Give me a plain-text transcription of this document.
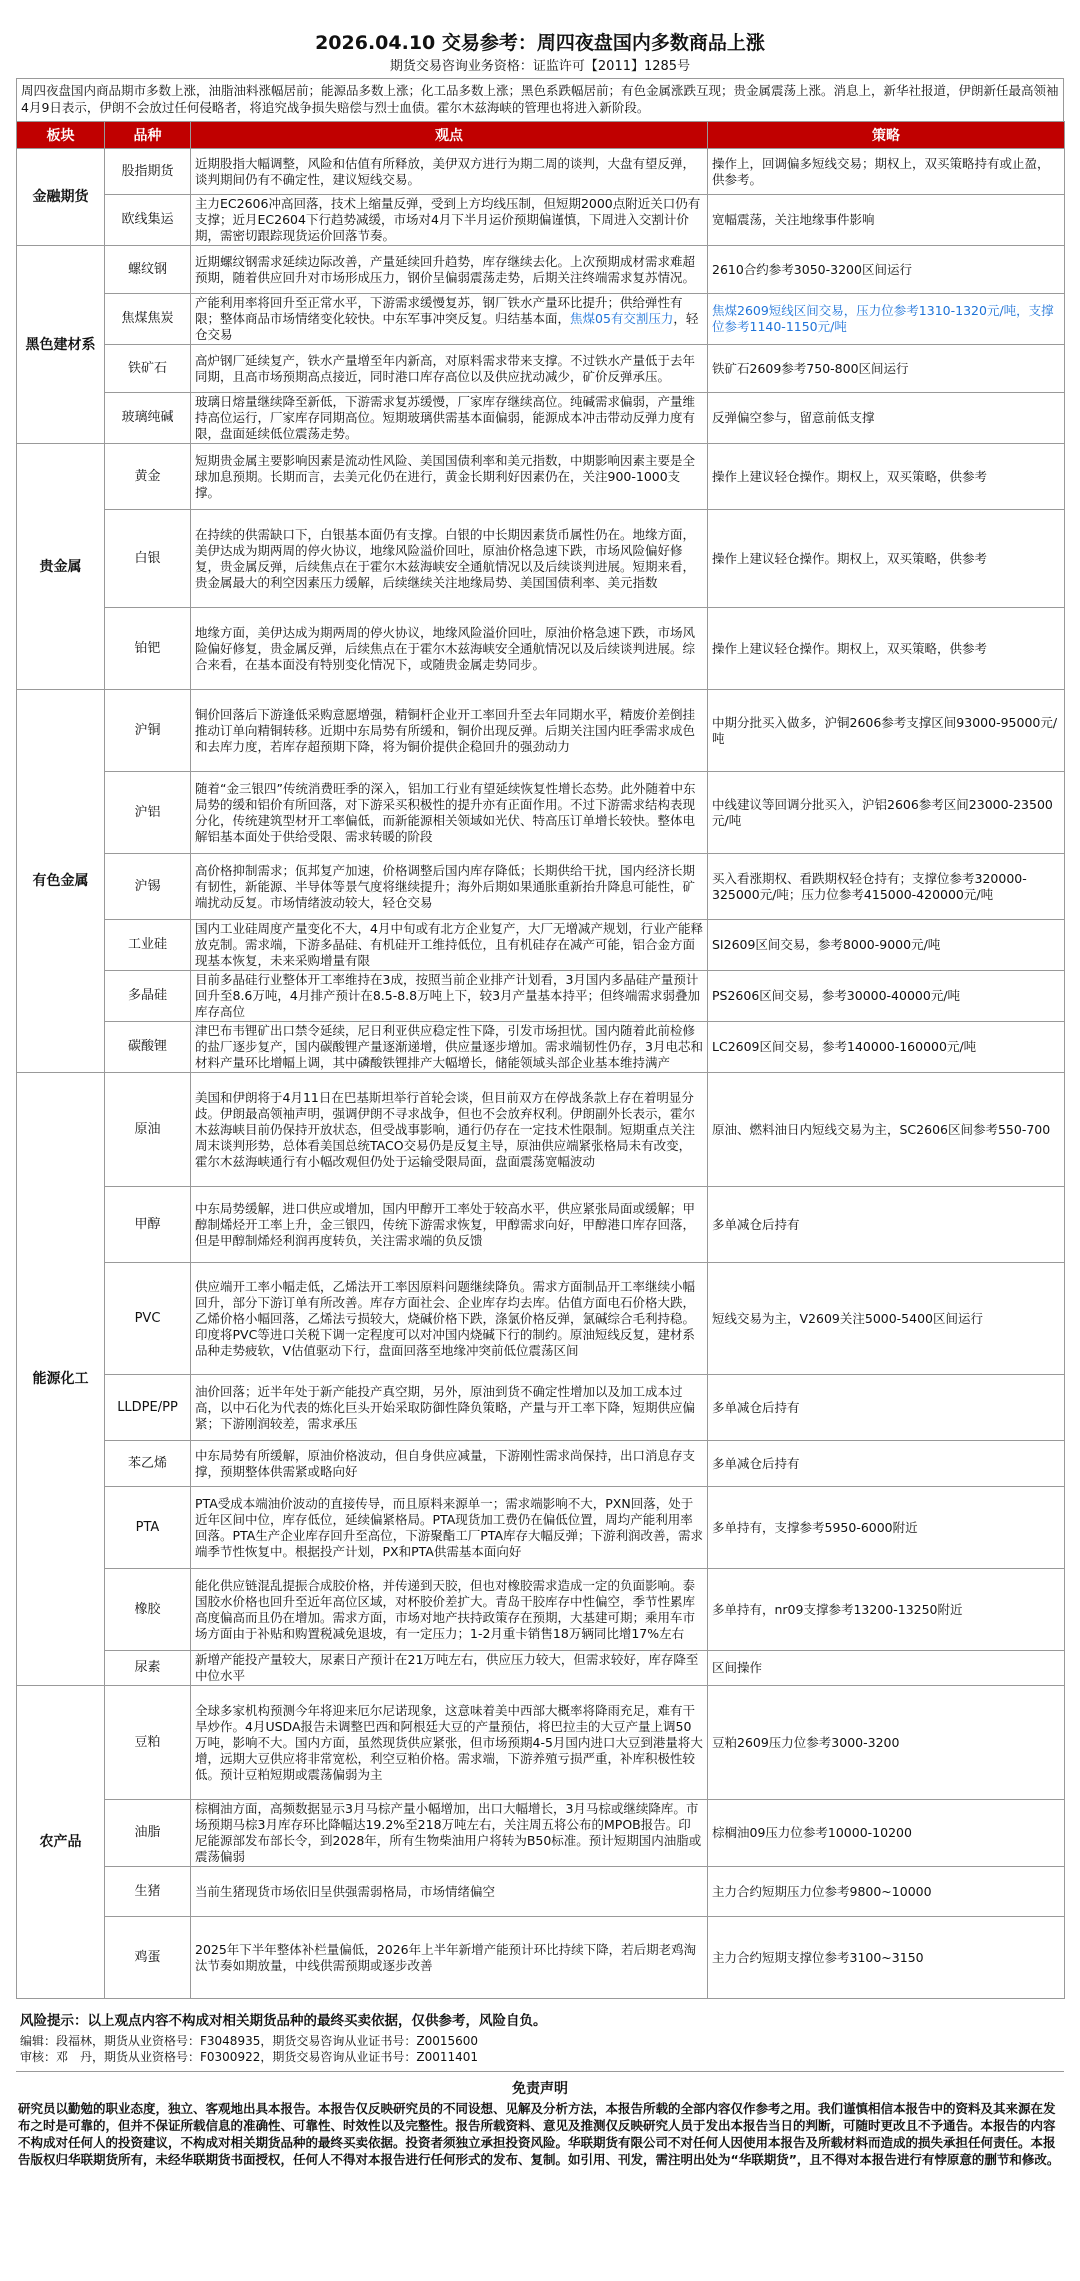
2026.04.10 交易参考：周四夜盘国内多数商品上涨
期货交易咨询业务资格：证监许可【2011】1285号
周四夜盘国内商品期市多数上涨，油脂油料涨幅居前；能源品多数上涨；化工品多数上涨；黑色系跌幅居前；有色金属涨跌互现；贵金属震荡上涨。消息上，新华社报道，伊朗新任最高领袖4月9日表示，伊朗不会放过任何侵略者，将追究战争损失赔偿与烈士血债。霍尔木兹海峡的管理也将进入新阶段。
板块	品种	观点	策略
金融期货	股指期货	近期股指大幅调整，风险和估值有所释放，美伊双方进行为期二周的谈判，大盘有望反弹，谈判期间仍有不确定性，建议短线交易。	操作上，回调偏多短线交易；期权上，双买策略持有或止盈，供参考。
	欧线集运	主力EC2606冲高回落，技术上缩量反弹，受到上方均线压制，但短期2000点附近关口仍有支撑；近月EC2604下行趋势减缓，市场对4月下半月运价预期偏谨慎，下周进入交割计价期，需密切跟踪现货运价回落节奏。	宽幅震荡，关注地缘事件影响
黑色建材系	螺纹钢	近期螺纹钢需求延续边际改善，产量延续回升趋势，库存继续去化。上次预期成材需求难超预期，随着供应回升对市场形成压力，钢价呈偏弱震荡走势，后期关注终端需求复苏情况。	2610合约参考3050-3200区间运行
	焦煤焦炭	产能利用率将回升至正常水平，下游需求缓慢复苏，钢厂铁水产量环比提升；供给弹性有限；整体商品市场情绪变化较快。中东军事冲突反复。归结基本面，焦煤05有交割压力，轻仓交易	焦煤2609短线区间交易，压力位参考1310-1320元/吨，支撑位参考1140-1150元/吨
	铁矿石	高炉钢厂延续复产，铁水产量增至年内新高，对原料需求带来支撑。不过铁水产量低于去年同期，且高市场预期高点接近，同时港口库存高位以及供应扰动减少，矿价反弹承压。	铁矿石2609参考750-800区间运行
	玻璃纯碱	玻璃日熔量继续降至新低，下游需求复苏缓慢，厂家库存继续高位。纯碱需求偏弱，产量维持高位运行，厂家库存同期高位。短期玻璃供需基本面偏弱，能源成本冲击带动反弹力度有限，盘面延续低位震荡走势。	反弹偏空参与，留意前低支撑
贵金属	黄金	短期贵金属主要影响因素是流动性风险、美国国债利率和美元指数，中期影响因素主要是全球加息预期。长期而言，去美元化仍在进行，黄金长期利好因素仍在，关注900-1000支撑。	操作上建议轻仓操作。期权上，双买策略，供参考
	白银	在持续的供需缺口下，白银基本面仍有支撑。白银的中长期因素货币属性仍在。地缘方面，美伊达成为期两周的停火协议，地缘风险溢价回吐，原油价格急速下跌，市场风险偏好修复，贵金属反弹，后续焦点在于霍尔木兹海峡安全通航情况以及后续谈判进展。短期来看，贵金属最大的利空因素压力缓解，后续继续关注地缘局势、美国国债利率、美元指数	操作上建议轻仓操作。期权上，双买策略，供参考
	铂钯	地缘方面，美伊达成为期两周的停火协议，地缘风险溢价回吐，原油价格急速下跌，市场风险偏好修复，贵金属反弹，后续焦点在于霍尔木兹海峡安全通航情况以及后续谈判进展。综合来看，在基本面没有特别变化情况下，或随贵金属走势同步。	操作上建议轻仓操作。期权上，双买策略，供参考
有色金属	沪铜	铜价回落后下游逢低采购意愿增强，精铜杆企业开工率回升至去年同期水平，精废价差倒挂推动订单向精铜转移。近期中东局势有所缓和，铜价出现反弹。后期关注国内旺季需求成色和去库力度，若库存超预期下降，将为铜价提供企稳回升的强劲动力	中期分批买入做多，沪铜2606参考支撑区间93000-95000元/吨
	沪铝	随着“金三银四”传统消费旺季的深入，铝加工行业有望延续恢复性增长态势。此外随着中东局势的缓和铝价有所回落，对下游采买积极性的提升亦有正面作用。不过下游需求结构表现分化，传统建筑型材开工率偏低，而新能源相关领域如光伏、特高压订单增长较快。整体电解铝基本面处于供给受限、需求转暖的阶段	中线建议等回调分批买入，沪铝2606参考区间23000-23500元/吨
	沪锡	高价格抑制需求；佤邦复产加速，价格调整后国内库存降低；长期供给干扰，国内经济长期有韧性，新能源、半导体等景气度将继续提升；海外后期如果通胀重新抬升降息可能性，矿端扰动反复。市场情绪波动较大，轻仓交易	买入看涨期权、看跌期权轻仓持有；支撑位参考320000-325000元/吨；压力位参考415000-420000元/吨
	工业硅	国内工业硅周度产量变化不大，4月中旬或有北方企业复产，大厂无增减产规划，行业产能释放克制。需求端，下游多晶硅、有机硅开工维持低位，且有机硅存在减产可能，铝合金方面现基本恢复，未来采购增量有限	SI2609区间交易，参考8000-9000元/吨
	多晶硅	目前多晶硅行业整体开工率维持在3成，按照当前企业排产计划看，3月国内多晶硅产量预计回升至8.6万吨，4月排产预计在8.5-8.8万吨上下，较3月产量基本持平；但终端需求弱叠加库存高位	PS2606区间交易，参考30000-40000元/吨
	碳酸锂	津巴布韦锂矿出口禁令延续，尼日利亚供应稳定性下降，引发市场担忧。国内随着此前检修的盐厂逐步复产，国内碳酸锂产量逐渐递增，供应量逐步增加。需求端韧性仍存，3月电芯和材料产量环比增幅上调，其中磷酸铁锂排产大幅增长，储能领域头部企业基本维持满产	LC2609区间交易，参考140000-160000元/吨
能源化工	原油	美国和伊朗将于4月11日在巴基斯坦举行首轮会谈，但目前双方在停战条款上存在着明显分歧。伊朗最高领袖声明，强调伊朗不寻求战争，但也不会放弃权利。伊朗副外长表示，霍尔木兹海峡目前仍保持开放状态，但受战事影响，通行仍存在一定技术性限制。短期重点关注周末谈判形势，总体看美国总统TACO交易仍是反复主导，原油供应端紧张格局未有改变，霍尔木兹海峡通行有小幅改观但仍处于运输受限局面，盘面震荡宽幅波动	原油、燃料油日内短线交易为主，SC2606区间参考550-700
	甲醇	中东局势缓解，进口供应或增加，国内甲醇开工率处于较高水平，供应紧张局面或缓解；甲醇制烯烃开工率上升，金三银四，传统下游需求恢复，甲醇需求向好，甲醇港口库存回落，但是甲醇制烯烃利润再度转负，关注需求端的负反馈	多单减仓后持有
	PVC	供应端开工率小幅走低，乙烯法开工率因原料问题继续降负。需求方面制品开工率继续小幅回升，部分下游订单有所改善。库存方面社会、企业库存均去库。估值方面电石价格大跌，乙烯价格小幅回落，乙烯法亏损较大，烧碱价格下跌，涤氯价格反弹，氯碱综合毛利持稳。印度将PVC等进口关税下调一定程度可以对冲国内烧碱下行的制约。原油短线反复，建材系品种走势疲软，V估值驱动下行，盘面回落至地缘冲突前低位震荡区间	短线交易为主，V2609关注5000-5400区间运行
	LLDPE/PP	油价回落；近半年处于新产能投产真空期，另外，原油到货不确定性增加以及加工成本过高，以中石化为代表的炼化巨头开始采取防御性降负策略，产量与开工率下降，短期供应偏紧；下游刚润较差，需求承压	多单减仓后持有
	苯乙烯	中东局势有所缓解，原油价格波动，但自身供应减量，下游刚性需求尚保持，出口消息存支撑，预期整体供需紧或略向好	多单减仓后持有
	PTA	PTA受成本端油价波动的直接传导，而且原料来源单一；需求端影响不大，PXN回落，处于近年区间中位，库存低位，延续偏紧格局。PTA现货加工费仍在偏低位置，周均产能利用率回落。PTA生产企业库存回升至高位，下游聚酯工厂PTA库存大幅反弹；下游利润改善，需求端季节性恢复中。根据投产计划，PX和PTA供需基本面向好	多单持有，支撑参考5950-6000附近
	橡胶	能化供应链混乱提振合成胶价格，并传递到天胶，但也对橡胶需求造成一定的负面影响。泰国胶水价格也回升至近年高位区域，对杯胶价差扩大。青岛干胶库存中性偏空，季节性累库高度偏高而且仍在增加。需求方面，市场对地产扶持政策存在预期，大基建可期；乘用车市场方面由于补贴和购置税减免退坡，有一定压力；1-2月重卡销售18万辆同比增17%左右	多单持有，nr09支撑参考13200-13250附近
	尿素	新增产能投产量较大，尿素日产预计在21万吨左右，供应压力较大，但需求较好，库存降至中位水平	区间操作
农产品	豆粕	全球多家机构预测今年将迎来厄尔尼诺现象，这意味着美中西部大概率将降雨充足，难有干旱炒作。4月USDA报告未调整巴西和阿根廷大豆的产量预估，将巴拉圭的大豆产量上调50万吨，影响不大。国内方面，虽然现货供应紧张，但市场预期4-5月国内进口大豆到港量将大增，远期大豆供应将非常宽松，利空豆粕价格。需求端，下游养殖亏损严重，补库积极性较低。预计豆粕短期或震荡偏弱为主	豆粕2609压力位参考3000-3200
	油脂	棕榈油方面，高频数据显示3月马棕产量小幅增加，出口大幅增长，3月马棕或继续降库。市场预期马棕3月库存环比降幅达19.2%至218万吨左右，关注周五将公布的MPOB报告。印尼能源部发布部长令，到2028年，所有生物柴油用户将转为B50标准。预计短期国内油脂或震荡偏弱	棕榈油09压力位参考10000-10200
	生猪	当前生猪现货市场依旧呈供强需弱格局，市场情绪偏空	主力合约短期压力位参考9800~10000
	鸡蛋	2025年下半年整体补栏量偏低，2026年上半年新增产能预计环比持续下降，若后期老鸡淘汰节奏如期放量，中线供需预期或逐步改善	主力合约短期支撑位参考3100~3150
风险提示：以上观点内容不构成对相关期货品种的最终买卖依据，仅供参考，风险自负。
编辑：段福林，期货从业资格号：F3048935，期货交易咨询从业证书号：Z0015600
审核：邓　丹，期货从业资格号：F0300922，期货交易咨询从业证书号：Z0011401
免责声明
研究员以勤勉的职业态度，独立、客观地出具本报告。本报告仅反映研究员的不同设想、见解及分析方法，本报告所载的全部内容仅作参考之用。我们谨慎相信本报告中的资料及其来源在发布之时是可靠的，但并不保证所载信息的准确性、可靠性、时效性以及完整性。报告所载资料、意见及推测仅反映研究人员于发出本报告当日的判断，可随时更改且不予通告。本报告的内容不构成对任何人的投资建议，不构成对相关期货品种的最终买卖依据。投资者须独立承担投资风险。华联期货有限公司不对任何人因使用本报告及所载材料而造成的损失承担任何责任。本报告版权归华联期货所有，未经华联期货书面授权，任何人不得对本报告进行任何形式的发布、复制。如引用、刊发，需注明出处为“华联期货”，且不得对本报告进行有悖原意的删节和修改。
